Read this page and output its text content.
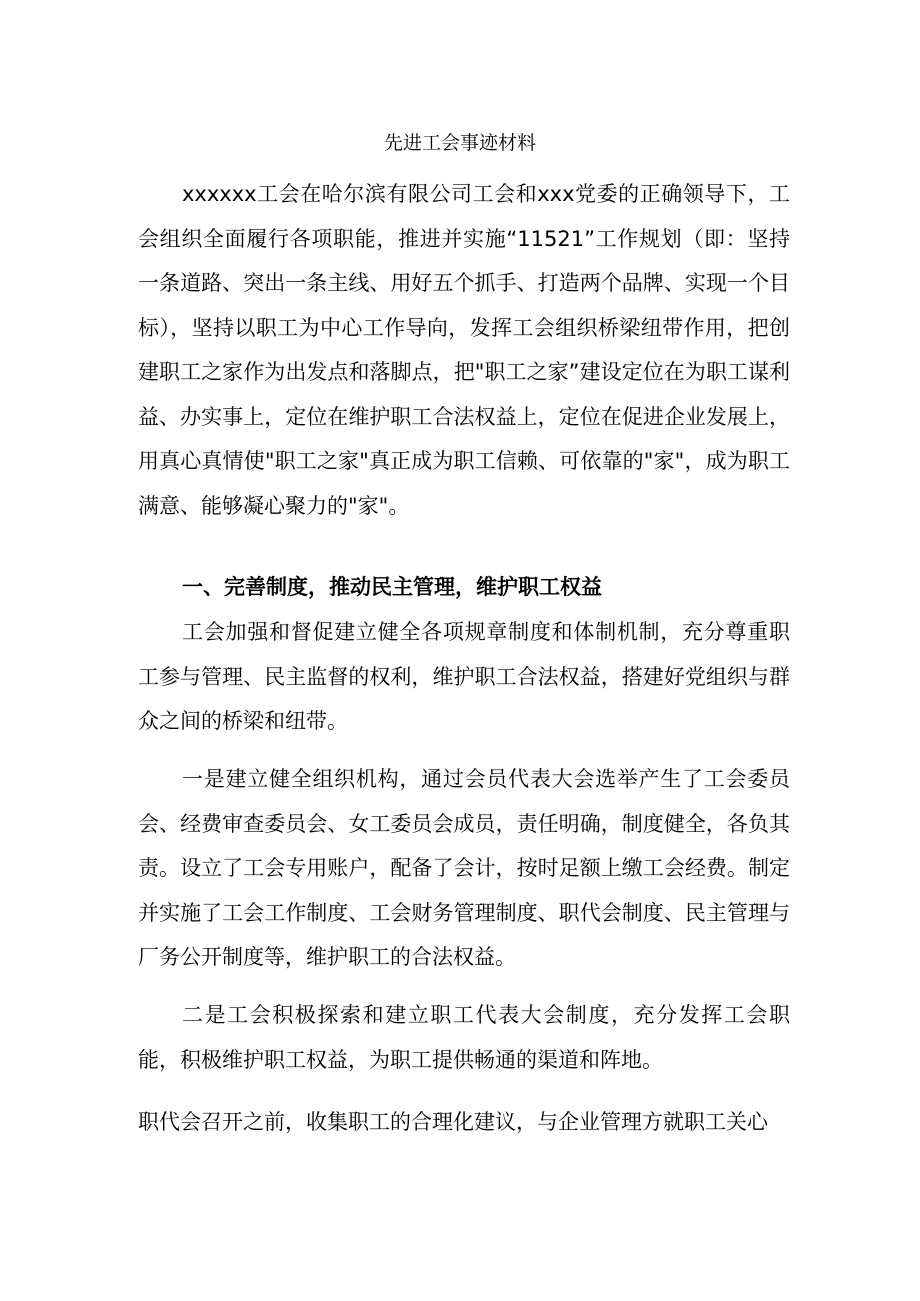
先进工会事迹材料

xxxxxx工会在哈尔滨有限公司工会和xxx党委的正确领导下，工会组织全面履行各项职能，推进并实施“11521”工作规划（即：坚持一条道路、突出一条主线、用好五个抓手、打造两个品牌、实现一个目标），坚持以职工为中心工作导向，发挥工会组织桥梁纽带作用，把创建职工之家作为出发点和落脚点，把"职工之家”建设定位在为职工谋利益、办实事上，定位在维护职工合法权益上，定位在促进企业发展上，用真心真情使"职工之家"真正成为职工信赖、可依靠的"家"，成为职工满意、能够凝心聚力的"家"。

一、完善制度，推动民主管理，维护职工权益

工会加强和督促建立健全各项规章制度和体制机制，充分尊重职工参与管理、民主监督的权利，维护职工合法权益，搭建好党组织与群众之间的桥梁和纽带。

一是建立健全组织机构，通过会员代表大会选举产生了工会委员会、经费审查委员会、女工委员会成员，责任明确，制度健全，各负其责。设立了工会专用账户，配备了会计，按时足额上缴工会经费。制定并实施了工会工作制度、工会财务管理制度、职代会制度、民主管理与厂务公开制度等，维护职工的合法权益。

二是工会积极探索和建立职工代表大会制度，充分发挥工会职能，积极维护职工权益，为职工提供畅通的渠道和阵地。

职代会召开之前，收集职工的合理化建议，与企业管理方就职工关心
